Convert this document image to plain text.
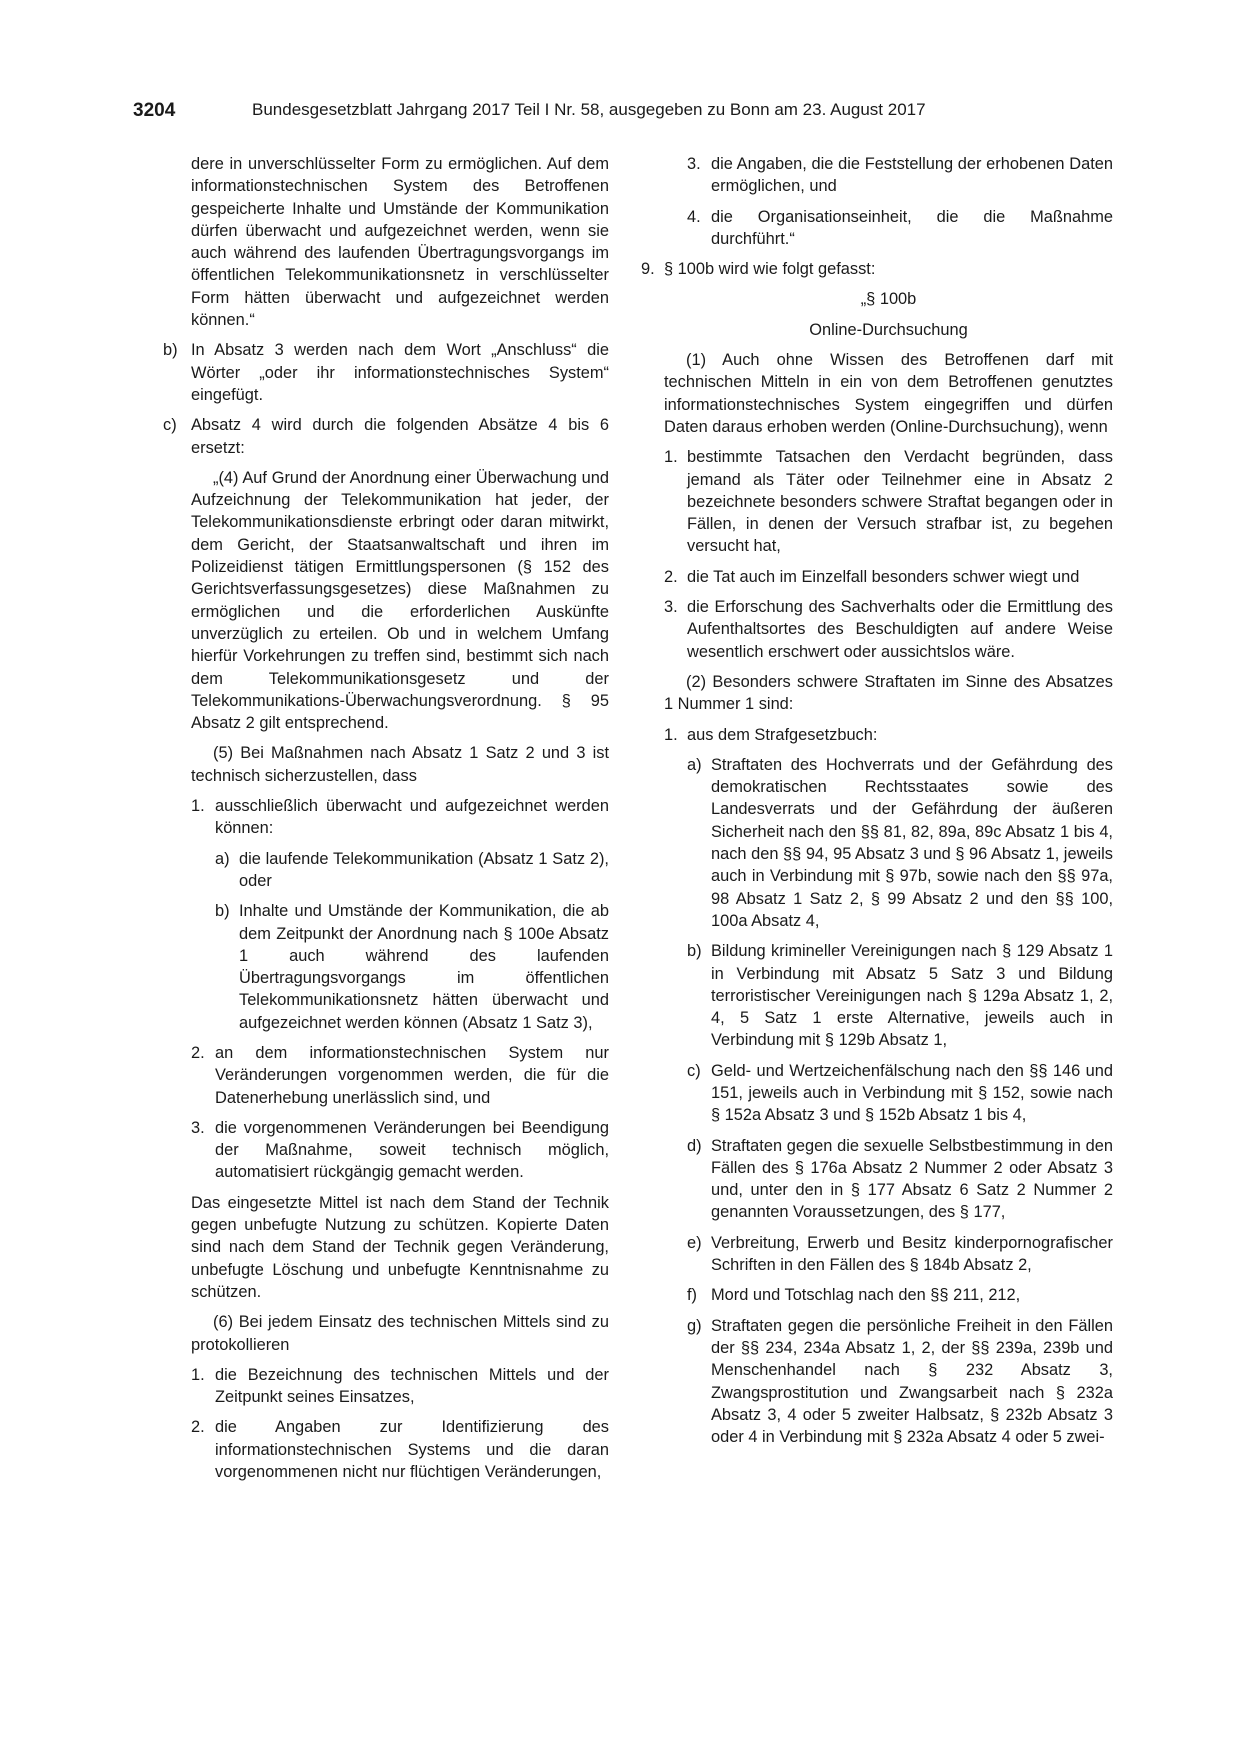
3204	Bundesgesetzblatt Jahrgang 2017 Teil I Nr. 58, ausgegeben zu Bonn am 23. August 2017

dere in unverschlüsselter Form zu ermöglichen. Auf dem informationstechnischen System des Betroffenen gespeicherte Inhalte und Umstände der Kommunikation dürfen überwacht und aufgezeichnet werden, wenn sie auch während des laufenden Übertragungsvorgangs im öffentlichen Telekommunikationsnetz in verschlüsselter Form hätten überwacht und aufgezeichnet werden können.“

b) In Absatz 3 werden nach dem Wort „Anschluss“ die Wörter „oder ihr informationstechnisches System“ eingefügt.
c) Absatz 4 wird durch die folgenden Absätze 4 bis 6 ersetzt:

„(4) Auf Grund der Anordnung einer Überwachung und Aufzeichnung der Telekommunikation hat jeder, der Telekommunikationsdienste erbringt oder daran mitwirkt, dem Gericht, der Staatsanwaltschaft und ihren im Polizeidienst tätigen Ermittlungspersonen (§ 152 des Gerichtsverfassungsgesetzes) diese Maßnahmen zu ermöglichen und die erforderlichen Auskünfte unverzüglich zu erteilen. Ob und in welchem Umfang hierfür Vorkehrungen zu treffen sind, bestimmt sich nach dem Telekommunikationsgesetz und der Telekommunikations-Überwachungsverordnung. § 95 Absatz 2 gilt entsprechend.

(5) Bei Maßnahmen nach Absatz 1 Satz 2 und 3 ist technisch sicherzustellen, dass

1. ausschließlich überwacht und aufgezeichnet werden können:
a) die laufende Telekommunikation (Absatz 1 Satz 2), oder
b) Inhalte und Umstände der Kommunikation, die ab dem Zeitpunkt der Anordnung nach § 100e Absatz 1 auch während des laufenden Übertragungsvorgangs im öffentlichen Telekommunikationsnetz hätten überwacht und aufgezeichnet werden können (Absatz 1 Satz 3),
2. an dem informationstechnischen System nur Veränderungen vorgenommen werden, die für die Datenerhebung unerlässlich sind, und
3. die vorgenommenen Veränderungen bei Beendigung der Maßnahme, soweit technisch möglich, automatisiert rückgängig gemacht werden.

Das eingesetzte Mittel ist nach dem Stand der Technik gegen unbefugte Nutzung zu schützen. Kopierte Daten sind nach dem Stand der Technik gegen Veränderung, unbefugte Löschung und unbefugte Kenntnisnahme zu schützen.

(6) Bei jedem Einsatz des technischen Mittels sind zu protokollieren

1. die Bezeichnung des technischen Mittels und der Zeitpunkt seines Einsatzes,
2. die Angaben zur Identifizierung des informationstechnischen Systems und die daran vorgenommenen nicht nur flüchtigen Veränderungen,
3. die Angaben, die die Feststellung der erhobenen Daten ermöglichen, und
4. die Organisationseinheit, die die Maßnahme durchführt.“
9. § 100b wird wie folgt gefasst:

„§ 100b

Online-Durchsuchung

(1) Auch ohne Wissen des Betroffenen darf mit technischen Mitteln in ein von dem Betroffenen genutztes informationstechnisches System eingegriffen und dürfen Daten daraus erhoben werden (Online-Durchsuchung), wenn

1. bestimmte Tatsachen den Verdacht begründen, dass jemand als Täter oder Teilnehmer eine in Absatz 2 bezeichnete besonders schwere Straftat begangen oder in Fällen, in denen der Versuch strafbar ist, zu begehen versucht hat,
2. die Tat auch im Einzelfall besonders schwer wiegt und
3. die Erforschung des Sachverhalts oder die Ermittlung des Aufenthaltsortes des Beschuldigten auf andere Weise wesentlich erschwert oder aussichtslos wäre.

(2) Besonders schwere Straftaten im Sinne des Absatzes 1 Nummer 1 sind:

1. aus dem Strafgesetzbuch:
a) Straftaten des Hochverrats und der Gefährdung des demokratischen Rechtsstaates sowie des Landesverrats und der Gefährdung der äußeren Sicherheit nach den §§ 81, 82, 89a, 89c Absatz 1 bis 4, nach den §§ 94, 95 Absatz 3 und § 96 Absatz 1, jeweils auch in Verbindung mit § 97b, sowie nach den §§ 97a, 98 Absatz 1 Satz 2, § 99 Absatz 2 und den §§ 100, 100a Absatz 4,
b) Bildung krimineller Vereinigungen nach § 129 Absatz 1 in Verbindung mit Absatz 5 Satz 3 und Bildung terroristischer Vereinigungen nach § 129a Absatz 1, 2, 4, 5 Satz 1 erste Alternative, jeweils auch in Verbindung mit § 129b Absatz 1,
c) Geld- und Wertzeichenfälschung nach den §§ 146 und 151, jeweils auch in Verbindung mit § 152, sowie nach § 152a Absatz 3 und § 152b Absatz 1 bis 4,
d) Straftaten gegen die sexuelle Selbstbestimmung in den Fällen des § 176a Absatz 2 Nummer 2 oder Absatz 3 und, unter den in § 177 Absatz 6 Satz 2 Nummer 2 genannten Voraussetzungen, des § 177,
e) Verbreitung, Erwerb und Besitz kinderpornografischer Schriften in den Fällen des § 184b Absatz 2,
f) Mord und Totschlag nach den §§ 211, 212,
g) Straftaten gegen die persönliche Freiheit in den Fällen der §§ 234, 234a Absatz 1, 2, der §§ 239a, 239b und Menschenhandel nach § 232 Absatz 3, Zwangsprostitution und Zwangsarbeit nach § 232a Absatz 3, 4 oder 5 zweiter Halbsatz, § 232b Absatz 3 oder 4 in Verbindung mit § 232a Absatz 4 oder 5 zwei-
